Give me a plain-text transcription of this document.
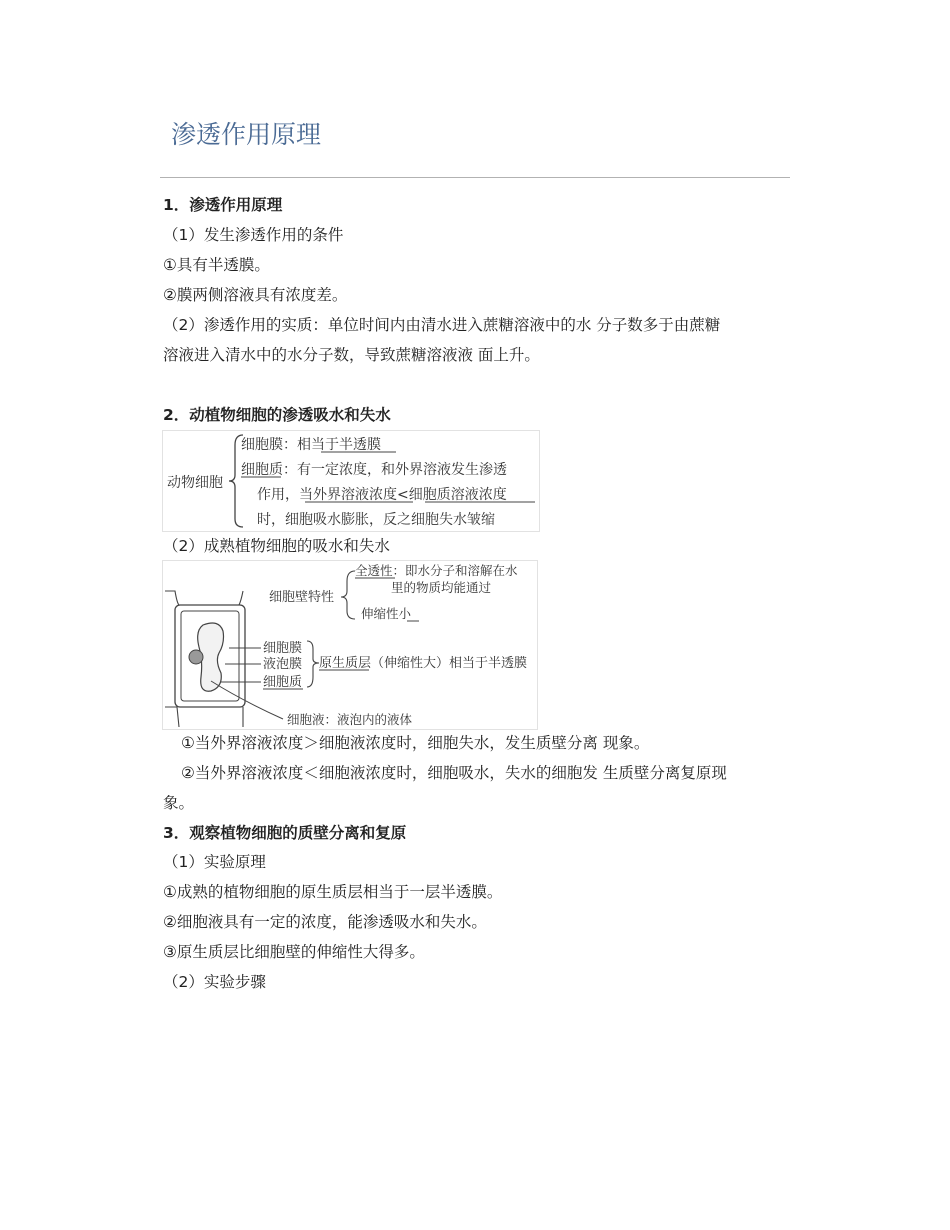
渗透作用原理
1．渗透作用原理
（1）发生渗透作用的条件
①具有半透膜。
②膜两侧溶液具有浓度差。
（2）渗透作用的实质：单位时间内由清水进入蔗糖溶液中的水 分子数多于由蔗糖
溶液进入清水中的水分子数，导致蔗糖溶液液 面上升。
2．动植物细胞的渗透吸水和失水
动物细胞
细胞膜：相当于半透膜
细胞质：有一定浓度，和外界溶液发生渗透
作用，当外界溶液浓度<细胞质溶液浓度
时，细胞吸水膨胀，反之细胞失水皱缩
（2）成熟植物细胞的吸水和失水
细胞壁特性
全透性：即水分子和溶解在水
里的物质均能通过
伸缩性小
细胞膜
液泡膜
细胞质
原生质层（伸缩性大）相当于半透膜
细胞液：液泡内的液体
①当外界溶液浓度＞细胞液浓度时，细胞失水，发生质壁分离 现象。
②当外界溶液浓度＜细胞液浓度时，细胞吸水，失水的细胞发 生质壁分离复原现
象。
3．观察植物细胞的质壁分离和复原
（1）实验原理
①成熟的植物细胞的原生质层相当于一层半透膜。
②细胞液具有一定的浓度，能渗透吸水和失水。
③原生质层比细胞壁的伸缩性大得多。
（2）实验步骤
